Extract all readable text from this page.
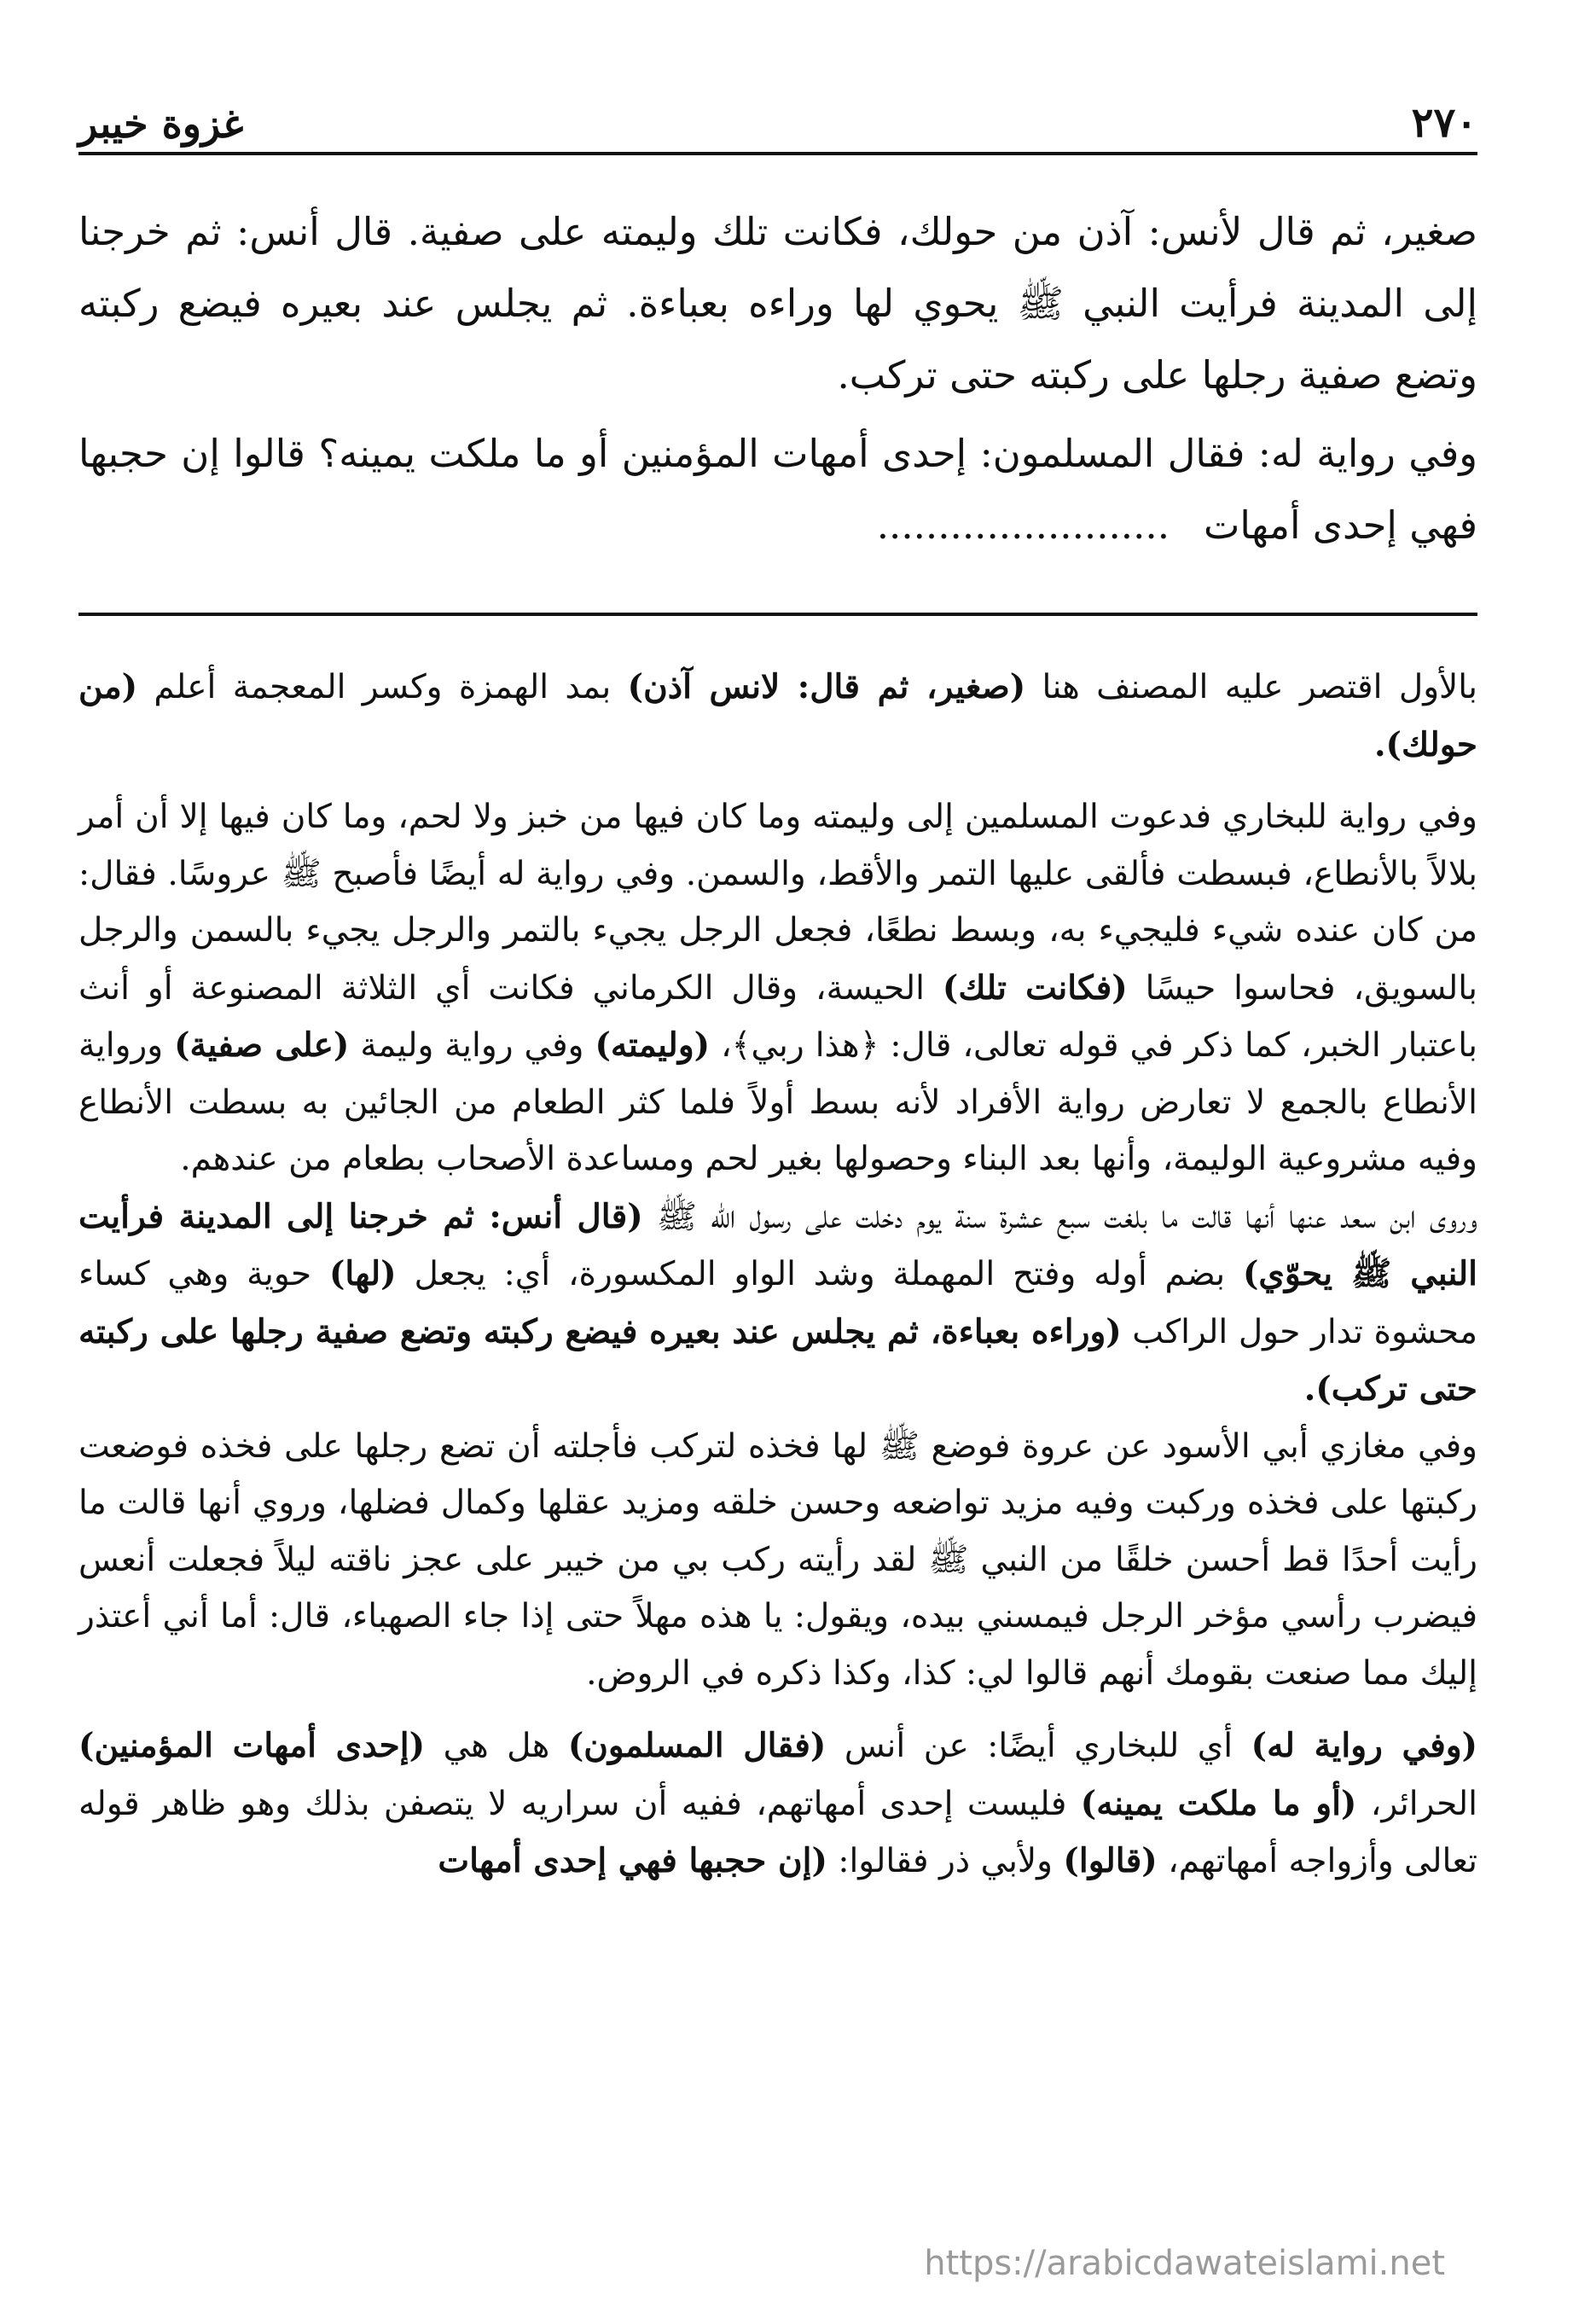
٢٧٠
غزوة خيبر

صغير، ثم قال لأنس: آذن من حولك، فكانت تلك وليمته على صفية. قال أنس: ثم خرجنا إلى المدينة فرأيت النبي ﷺ يحوي لها وراءه بعباءة. ثم يجلس عند بعيره فيضع ركبته وتضع صفية رجلها على ركبته حتى تركب.

وفي رواية له: فقال المسلمون: إحدى أمهات المؤمنين أو ما ملكت يمينه؟ قالوا إن حجبها فهي إحدى أمهات........................

بالأول اقتصر عليه المصنف هنا (صغير، ثم قال: لانس آذن) بمد الهمزة وكسر المعجمة أعلم (من حولك).

وفي رواية للبخاري فدعوت المسلمين إلى وليمته وما كان فيها من خبز ولا لحم، وما كان فيها إلا أن أمر بلالاً بالأنطاع، فبسطت فألقى عليها التمر والأقط، والسمن. وفي رواية له أيضًا فأصبح ﷺ عروسًا. فقال: من كان عنده شيء فليجيء به، وبسط نطعًا، فجعل الرجل يجيء بالتمر والرجل يجيء بالسمن والرجل بالسويق، فحاسوا حيسًا (فكانت تلك) الحيسة، وقال الكرماني فكانت أي الثلاثة المصنوعة أو أنث باعتبار الخبر، كما ذكر في قوله تعالى، قال: ﴿هذا ربي﴾، (وليمته) وفي رواية وليمة (على صفية) ورواية الأنطاع بالجمع لا تعارض رواية الأفراد لأنه بسط أولاً فلما كثر الطعام من الجائين به بسطت الأنطاع وفيه مشروعية الوليمة، وأنها بعد البناء وحصولها بغير لحم ومساعدة الأصحاب بطعام من عندهم.

وروى ابن سعد عنها أنها قالت ما بلغت سبع عشرة سنة يوم دخلت على رسول الله ﷺ (قال أنس: ثم خرجنا إلى المدينة فرأيت النبي ﷺ يحوّي) بضم أوله وفتح المهملة وشد الواو المكسورة، أي: يجعل (لها) حوية وهي كساء محشوة تدار حول الراكب (وراءه بعباءة، ثم يجلس عند بعيره فيضع ركبته وتضع صفية رجلها على ركبته حتى تركب).

وفي مغازي أبي الأسود عن عروة فوضع ﷺ لها فخذه لتركب فأجلته أن تضع رجلها على فخذه فوضعت ركبتها على فخذه وركبت وفيه مزيد تواضعه وحسن خلقه ومزيد عقلها وكمال فضلها، وروي أنها قالت ما رأيت أحدًا قط أحسن خلقًا من النبي ﷺ لقد رأيته ركب بي من خيبر على عجز ناقته ليلاً فجعلت أنعس فيضرب رأسي مؤخر الرجل فيمسني بيده، ويقول: يا هذه مهلاً حتى إذا جاء الصهباء، قال: أما أني أعتذر إليك مما صنعت بقومك أنهم قالوا لي: كذا، وكذا ذكره في الروض.

(وفي رواية له) أي للبخاري أيضًا: عن أنس (فقال المسلمون) هل هي (إحدى أمهات المؤمنين) الحرائر، (أو ما ملكت يمينه) فليست إحدى أمهاتهم، ففيه أن سراريه لا يتصفن بذلك وهو ظاهر قوله تعالى وأزواجه أمهاتهم، (قالوا) ولأبي ذر فقالوا: (إن حجبها فهي إحدى أمهات

https://arabicdawateislami.net
